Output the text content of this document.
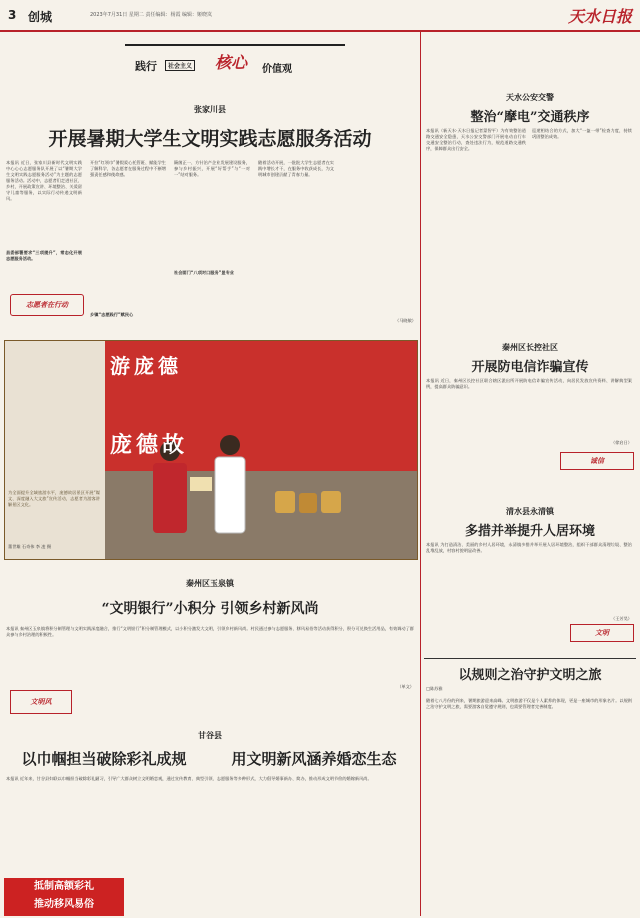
3 创城	2023年7月31日 星期二 责任编辑：杨霞 编辑：姬晓岚	天水日报
践行	社会主义 核心 价值观
张家川县
开展暑期大学生文明实践志愿服务活动
本报讯 近日，张家川县新时代文明实践中心心心志愿服务队开展了以“暑期大学生文明实践志愿服务活动”为主题的志愿服务活动。活动中，志愿者们走进社区、乡村，开展政策宣讲、环境整治、关爱留守儿童等服务，以实际行动传递文明新风。
县委部署要求“三项提升”，常态化开展志愿服务活动。
开拉“红领巾”暑假爱心托管班、赋能学生了解科学，各志愿者在服务过程中不断增强责任感和使命感。
乡镇“志愿践行”赋民心
簸菌正一、方针治产企业发展建设服务，参与乡村振兴，开展“好帮手”与“一对一”结对服务。
社会面门“八项对口服务”显专业
随着活动开展，一批批大学生志愿者在实践中增长才干，在服务中收获成长，为文明城市创建贡献了青春力量。
（马晓敏）
志愿者在行动
游庞德
庞德故
为全面提升全域旅游水平，庞德故居景区开展“媒文、深度融入大文旅”宣传活动，志愿者为游客讲解景区文化。
董世雄 石奇伟 李 凌 摄
秦州区玉泉镇
“文明银行”小积分 引领乡村新风尚
本报讯 秦州区玉泉镇将积分制管理与文明实践深度融合，推行“文明银行”积分制管理模式，以小积分激发大文明，引领乡村新风尚。村民通过参与志愿服务、移风易俗等活动获得积分，积分可兑换生活用品，有效调动了群众参与乡村治理的积极性。
（单文）
文明风
甘谷县
以巾帼担当破除彩礼成规	用文明新风涵养婚恋生态
本报讯 近年来，甘谷县妇联以巾帼担当破除彩礼陋习，引导广大群众树立文明婚恋观，通过宣传教育、典型引领、志愿服务等多种形式，大力倡导婚事新办、简办，推动形成文明节俭的婚嫁新风尚。
抵制高额彩礼
推动移风易俗
天水公安交警
整治“摩电”交通秩序
本报讯（新天水·天水日报记者蒙智平）为有效整治道路交通安全隐患，天水公安交警部门开展电动自行车交通安全整治行动，查处违法行为，规范道路交通秩序，保障群众出行安全。
巡逻相结合的方式，加大“一盔一带”检查力度，持续巩固整治成效。
秦州区长控社区
开展防电信诈骗宣传
本报讯 近日，秦州区长控社区联合辖区派出所开展防电信诈骗宣传活动，向居民发放宣传资料、讲解典型案例，提高群众防骗意识。
（徐启日）
诚信
清水县永清镇
多措并举提升人居环境
本报讯 为打造清洁、美丽的乡村人居环境，永清镇多措并举开展人居环境整治，组织干部群众清理垃圾、整治乱堆乱放，村容村貌明显改善。
（王芳昊）
文明
以规则之治守护文明之旅
□陈苏雅
随着七八月份的到来，暑期旅游迎来高峰。文明旅游不仅是个人素养的体现，更是一座城市的形象名片。以规则之治守护文明之旅，需要游客自觉遵守规则，也需要管理者完善制度。
